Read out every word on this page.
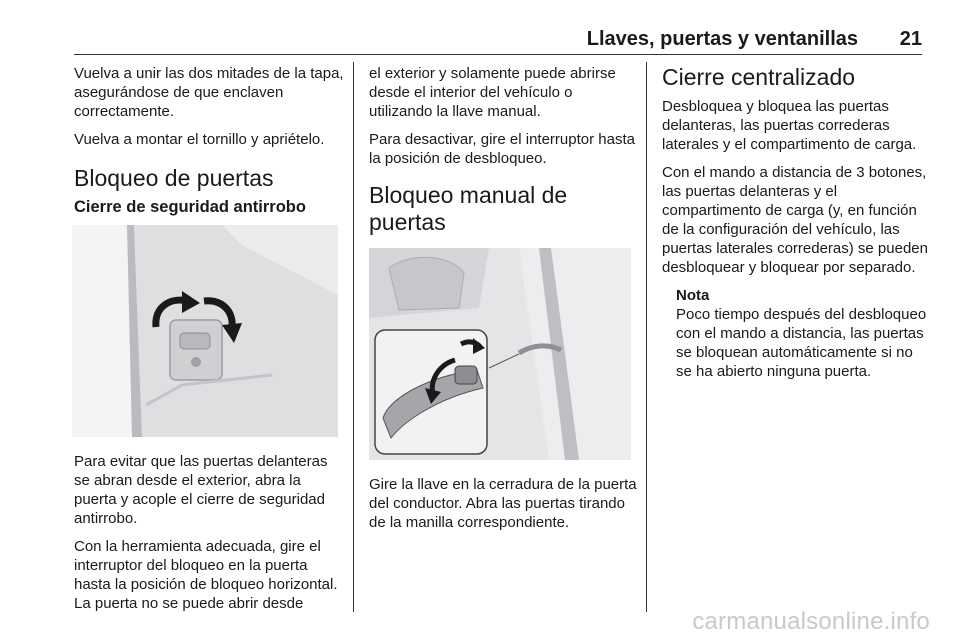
Llaves, puertas y ventanillas 21

Vuelva a unir las dos mitades de la tapa, asegurándose de que enclaven correctamente.

Vuelva a montar el tornillo y apriételo.

Bloqueo de puertas
Cierre de seguridad antirrobo

Para evitar que las puertas delanteras se abran desde el exterior, abra la puerta y acople el cierre de seguridad antirrobo.

Con la herramienta adecuada, gire el interruptor del bloqueo en la puerta hasta la posición de bloqueo horizontal. La puerta no se puede abrir desde

el exterior y solamente puede abrirse desde el interior del vehículo o utilizando la llave manual.

Para desactivar, gire el interruptor hasta la posición de desbloqueo.

Bloqueo manual de puertas

Gire la llave en la cerradura de la puerta del conductor. Abra las puertas tirando de la manilla correspondiente.

Cierre centralizado

Desbloquea y bloquea las puertas delanteras, las puertas correderas laterales y el compartimento de carga.

Con el mando a distancia de 3 botones, las puertas delanteras y el compartimento de carga (y, en función de la configuración del vehículo, las puertas laterales correderas) se pueden desbloquear y bloquear por separado.

Nota
Poco tiempo después del desbloqueo con el mando a distancia, las puertas se bloquean automáticamente si no se ha abierto ninguna puerta.
carmanualsonline.info
